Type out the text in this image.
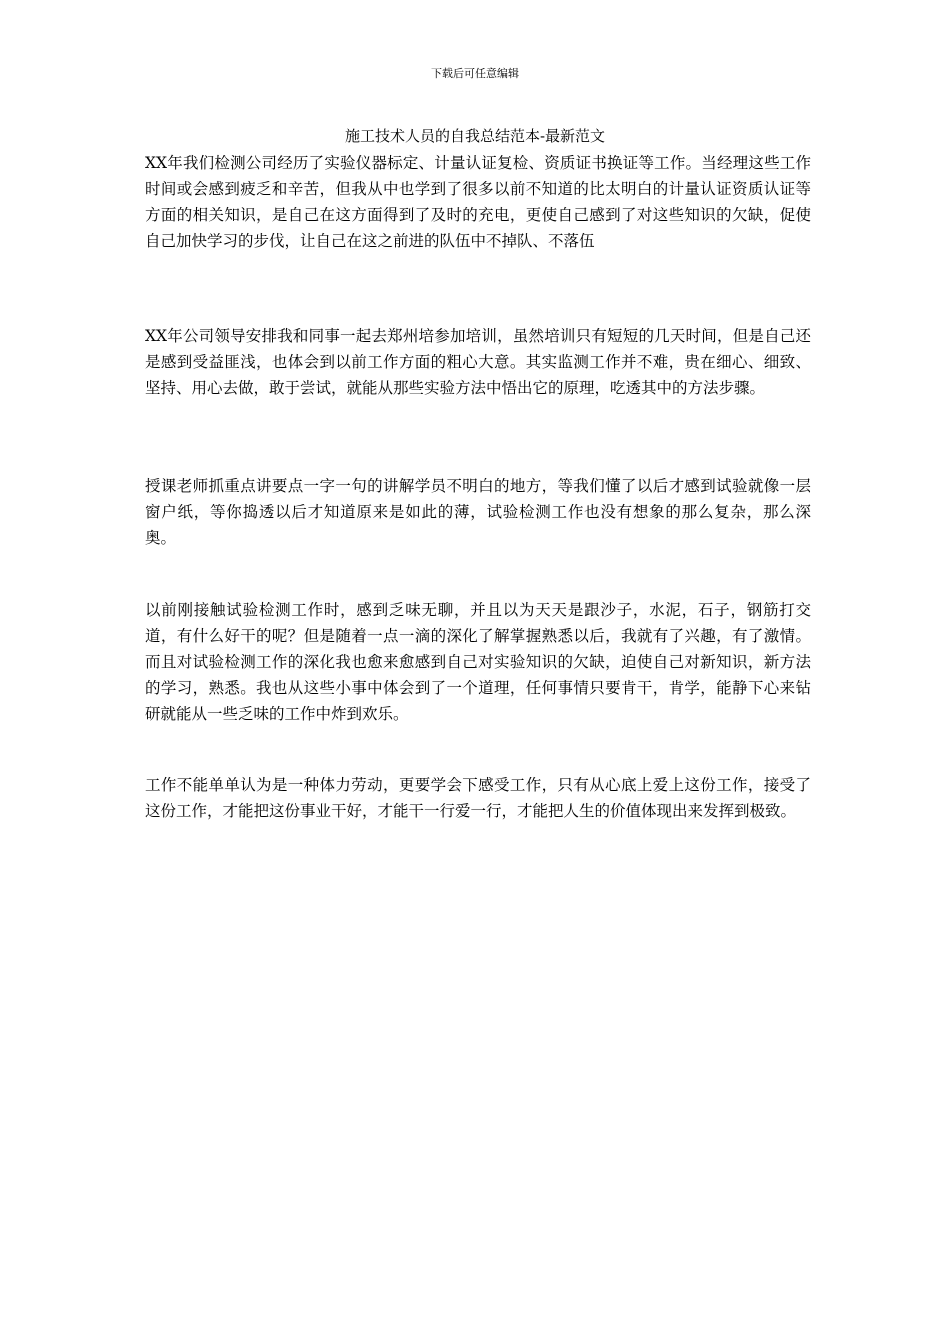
下载后可任意编辑
施工技术人员的自我总结范本-最新范文

XX年我们检测公司经历了实验仪器标定、计量认证复检、资质证书换证等工作。当经理这些工作时间或会感到疲乏和辛苦，但我从中也学到了很多以前不知道的比太明白的计量认证资质认证等方面的相关知识，是自己在这方面得到了及时的充电，更使自己感到了对这些知识的欠缺，促使自己加快学习的步伐，让自己在这之前进的队伍中不掉队、不落伍

XX年公司领导安排我和同事一起去郑州培参加培训，虽然培训只有短短的几天时间，但是自己还是感到受益匪浅，也体会到以前工作方面的粗心大意。其实监测工作并不难，贵在细心、细致、坚持、用心去做，敢于尝试，就能从那些实验方法中悟出它的原理，吃透其中的方法步骤。

授课老师抓重点讲要点一字一句的讲解学员不明白的地方，等我们懂了以后才感到试验就像一层窗户纸，等你捣透以后才知道原来是如此的薄，试验检测工作也没有想象的那么复杂，那么深奥。

以前刚接触试验检测工作时，感到乏味无聊，并且以为天天是跟沙子，水泥，石子，钢筋打交道，有什么好干的呢？但是随着一点一滴的深化了解掌握熟悉以后，我就有了兴趣，有了激情。而且对试验检测工作的深化我也愈来愈感到自己对实验知识的欠缺，迫使自己对新知识，新方法的学习，熟悉。我也从这些小事中体会到了一个道理，任何事情只要肯干，肯学，能静下心来钻研就能从一些乏味的工作中炸到欢乐。

工作不能单单认为是一种体力劳动，更要学会下感受工作，只有从心底上爱上这份工作，接受了这份工作，才能把这份事业干好，才能干一行爱一行，才能把人生的价值体现出来发挥到极致。
